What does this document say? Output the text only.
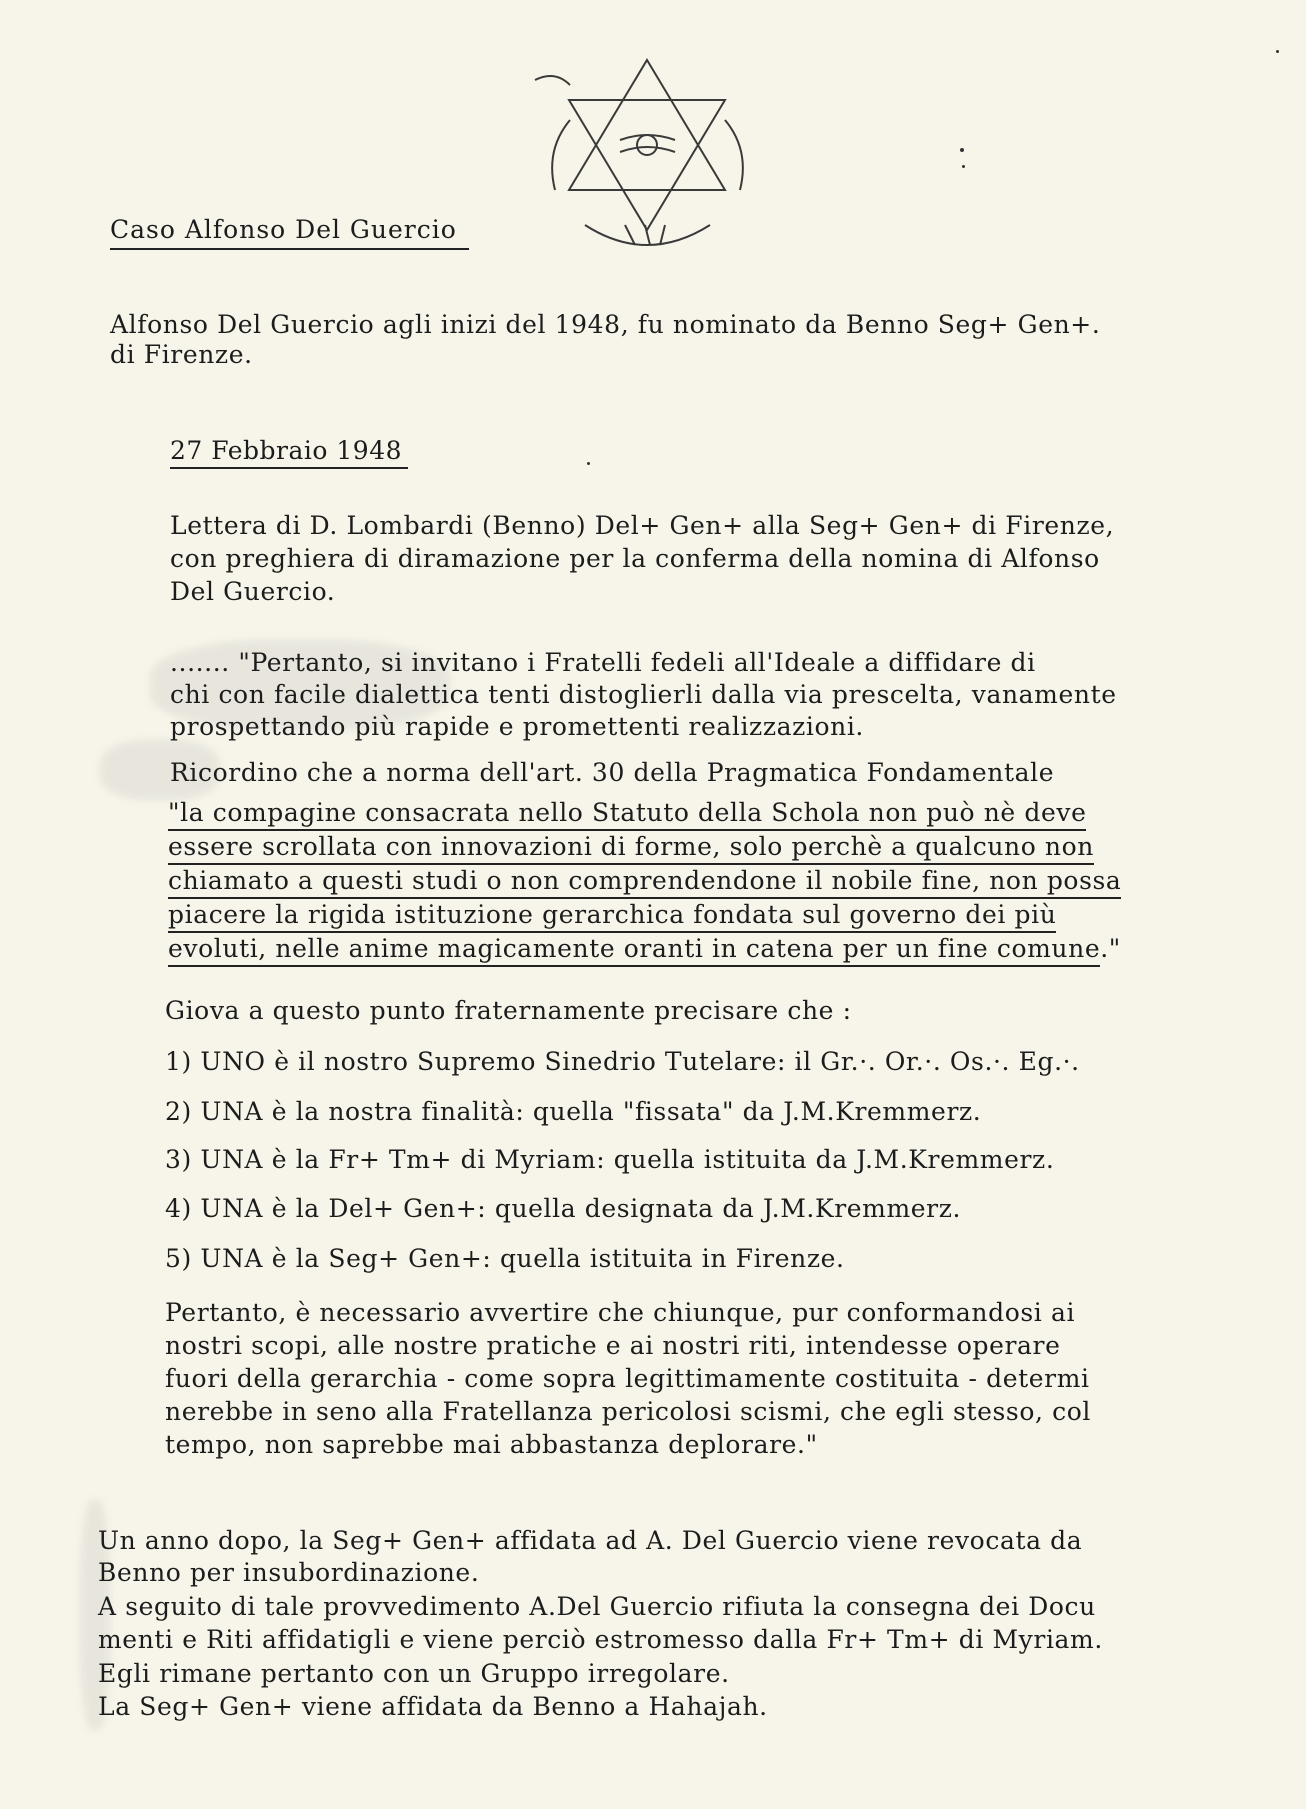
Caso Alfonso Del Guercio
Alfonso Del Guercio agli inizi del 1948, fu nominato da Benno Seg+ Gen+.
di Firenze.
27 Febbraio 1948
Lettera di D. Lombardi (Benno) Del+ Gen+ alla Seg+ Gen+ di Firenze,
con preghiera di diramazione per la conferma della nomina di Alfonso
Del Guercio.
....... "Pertanto, si invitano i Fratelli fedeli all'Ideale a diffidare di
chi con facile dialettica tenti distoglierli dalla via prescelta, vanamente
prospettando più rapide e promettenti realizzazioni.
Ricordino che a norma dell'art. 30 della Pragmatica Fondamentale
"la compagine consacrata nello Statuto della Schola non può nè deve
essere scrollata con innovazioni di forme, solo perchè a qualcuno non
chiamato a questi studi o non comprendendone il nobile fine, non possa
piacere la rigida istituzione gerarchica fondata sul governo dei più
evoluti, nelle anime magicamente oranti in catena per un fine comune."
Giova a questo punto fraternamente precisare che :
1) UNO è il nostro Supremo Sinedrio Tutelare: il Gr.·. Or.·. Os.·. Eg.·.
2) UNA è la nostra finalità: quella "fissata" da J.M.Kremmerz.
3) UNA è la Fr+ Tm+ di Myriam: quella istituita da J.M.Kremmerz.
4) UNA è la Del+ Gen+: quella designata da J.M.Kremmerz.
5) UNA è la Seg+ Gen+: quella istituita in Firenze.
Pertanto, è necessario avvertire che chiunque, pur conformandosi ai
nostri scopi, alle nostre pratiche e ai nostri riti, intendesse operare
fuori della gerarchia - come sopra legittimamente costituita - determi
nerebbe in seno alla Fratellanza pericolosi scismi, che egli stesso, col
tempo, non saprebbe mai abbastanza deplorare."
Un anno dopo, la Seg+ Gen+ affidata ad A. Del Guercio viene revocata da
Benno per insubordinazione.
A seguito di tale provvedimento A.Del Guercio rifiuta la consegna dei Docu
menti e Riti affidatigli e viene perciò estromesso dalla Fr+ Tm+ di Myriam.
Egli rimane pertanto con un Gruppo irregolare.
La Seg+ Gen+ viene affidata da Benno a Hahajah.
